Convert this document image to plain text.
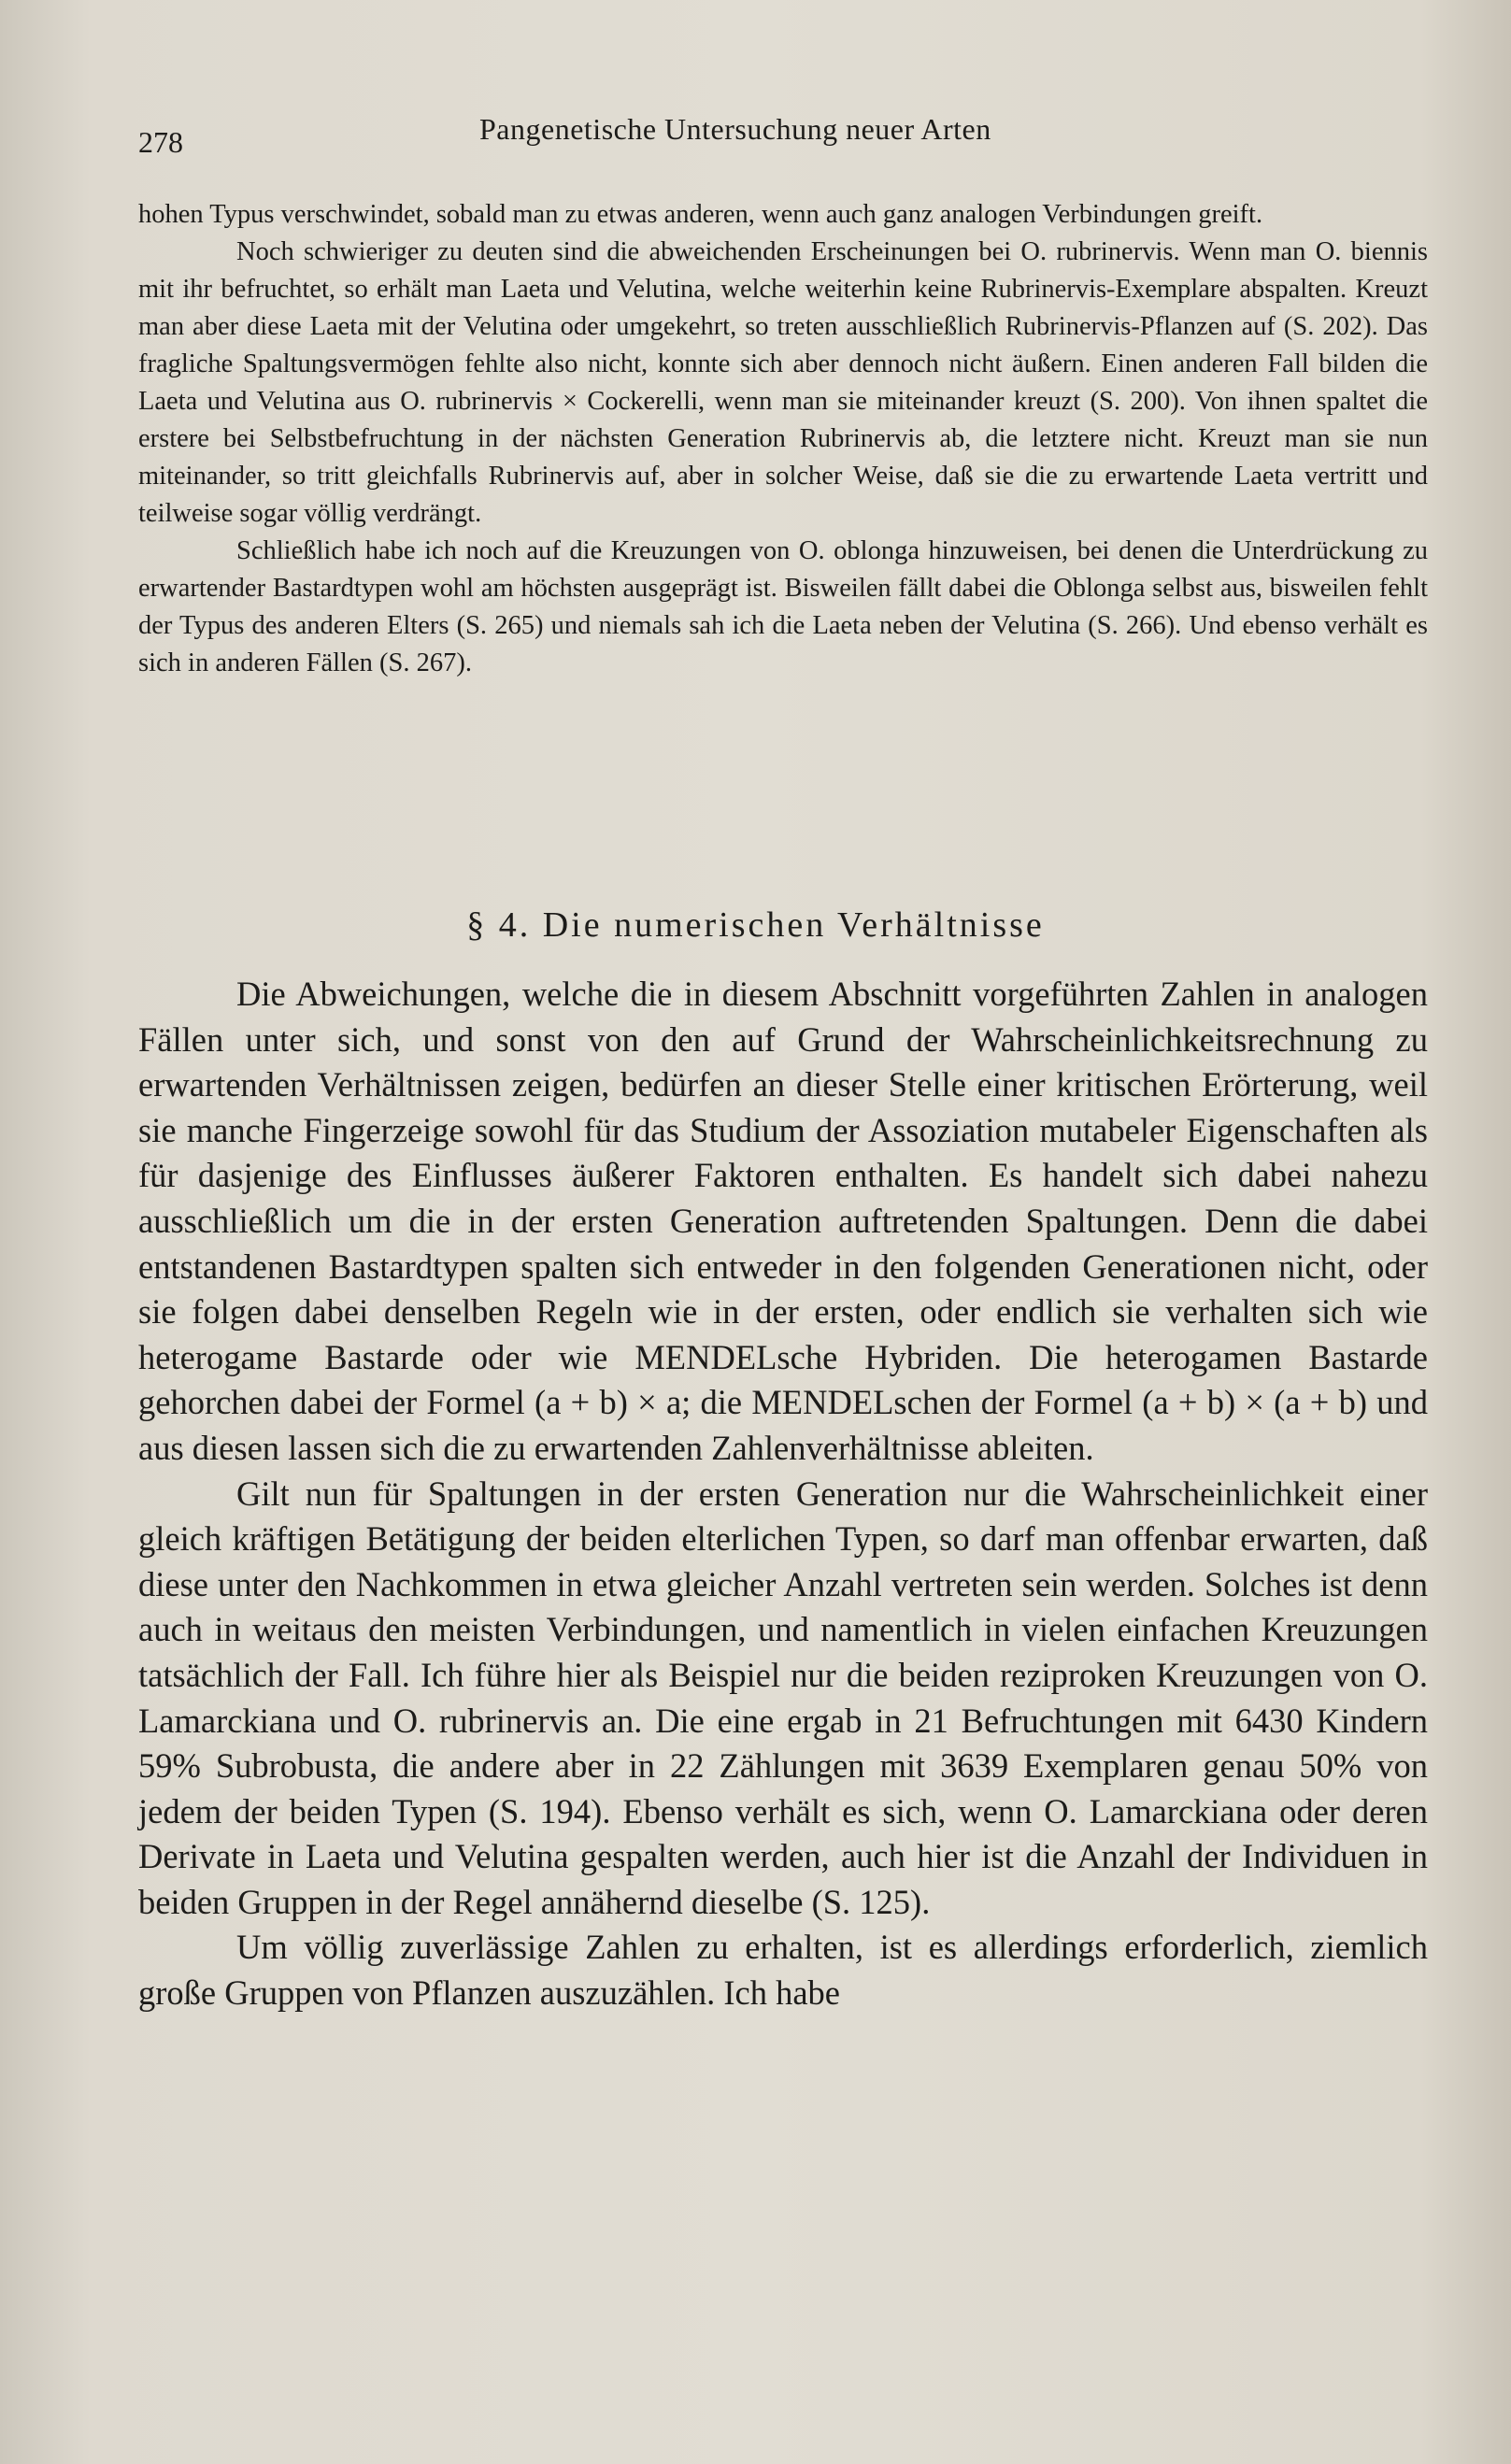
278	Pangenetische Untersuchung neuer Arten

hohen Typus verschwindet, sobald man zu etwas anderen, wenn auch ganz analogen Verbindungen greift.

Noch schwieriger zu deuten sind die abweichenden Erscheinungen bei O. rubrinervis. Wenn man O. biennis mit ihr befruchtet, so erhält man Laeta und Velutina, welche weiterhin keine Rubrinervis-Exemplare abspalten. Kreuzt man aber diese Laeta mit der Velutina oder umgekehrt, so treten ausschließlich Rubrinervis-Pflanzen auf (S. 202). Das fragliche Spaltungsvermögen fehlte also nicht, konnte sich aber dennoch nicht äußern. Einen anderen Fall bilden die Laeta und Velutina aus O. rubrinervis × Cockerelli, wenn man sie miteinander kreuzt (S. 200). Von ihnen spaltet die erstere bei Selbstbefruchtung in der nächsten Generation Rubrinervis ab, die letztere nicht. Kreuzt man sie nun miteinander, so tritt gleichfalls Rubrinervis auf, aber in solcher Weise, daß sie die zu erwartende Laeta vertritt und teilweise sogar völlig verdrängt.

Schließlich habe ich noch auf die Kreuzungen von O. oblonga hinzuweisen, bei denen die Unterdrückung zu erwartender Bastardtypen wohl am höchsten ausgeprägt ist. Bisweilen fällt dabei die Oblonga selbst aus, bisweilen fehlt der Typus des anderen Elters (S. 265) und niemals sah ich die Laeta neben der Velutina (S. 266). Und ebenso verhält es sich in anderen Fällen (S. 267).

§ 4. Die numerischen Verhältnisse

Die Abweichungen, welche die in diesem Abschnitt vorgeführten Zahlen in analogen Fällen unter sich, und sonst von den auf Grund der Wahrscheinlichkeitsrechnung zu erwartenden Verhältnissen zeigen, bedürfen an dieser Stelle einer kritischen Erörterung, weil sie manche Fingerzeige sowohl für das Studium der Assoziation mutabeler Eigenschaften als für dasjenige des Einflusses äußerer Faktoren enthalten. Es handelt sich dabei nahezu ausschließlich um die in der ersten Generation auftretenden Spaltungen. Denn die dabei entstandenen Bastardtypen spalten sich entweder in den folgenden Generationen nicht, oder sie folgen dabei denselben Regeln wie in der ersten, oder endlich sie verhalten sich wie heterogame Bastarde oder wie MENDELsche Hybriden. Die heterogamen Bastarde gehorchen dabei der Formel (a + b) × a; die MENDELschen der Formel (a + b) × (a + b) und aus diesen lassen sich die zu erwartenden Zahlenverhältnisse ableiten.

Gilt nun für Spaltungen in der ersten Generation nur die Wahrscheinlichkeit einer gleich kräftigen Betätigung der beiden elterlichen Typen, so darf man offenbar erwarten, daß diese unter den Nachkommen in etwa gleicher Anzahl vertreten sein werden. Solches ist denn auch in weitaus den meisten Verbindungen, und namentlich in vielen einfachen Kreuzungen tatsächlich der Fall. Ich führe hier als Beispiel nur die beiden reziproken Kreuzungen von O. Lamarckiana und O. rubrinervis an. Die eine ergab in 21 Befruchtungen mit 6430 Kindern 59% Subrobusta, die andere aber in 22 Zählungen mit 3639 Exemplaren genau 50% von jedem der beiden Typen (S. 194). Ebenso verhält es sich, wenn O. Lamarckiana oder deren Derivate in Laeta und Velutina gespalten werden, auch hier ist die Anzahl der Individuen in beiden Gruppen in der Regel annähernd dieselbe (S. 125).

Um völlig zuverlässige Zahlen zu erhalten, ist es allerdings erforderlich, ziemlich große Gruppen von Pflanzen auszuzählen. Ich habe
